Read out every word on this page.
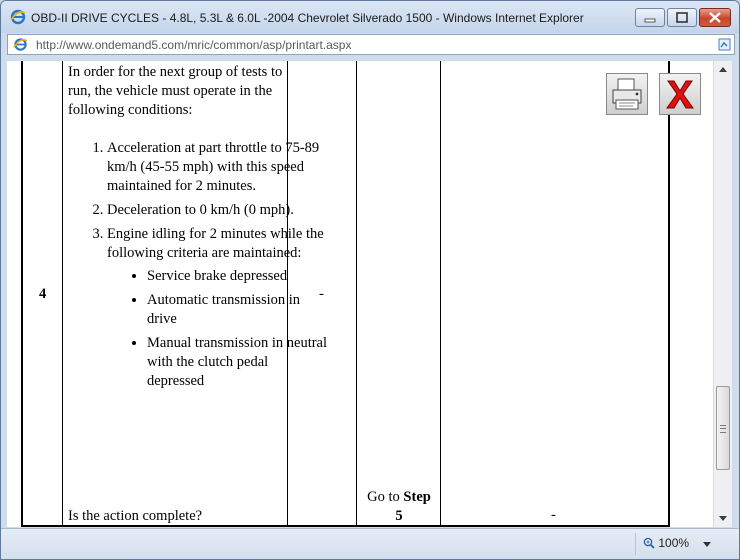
OBD-II DRIVE CYCLES - 4.8L, 5.3L & 6.0L -2004 Chevrolet Silverado 1500 - Windows Internet Explorer
http://www.ondemand5.com/mric/common/asp/printart.aspx
4
In order for the next group of tests to run, the vehicle must operate in the following conditions:
1. Acceleration at part throttle to 75-89 km/h (45-55 mph) with this speed maintained for 2 minutes.
2. Deceleration to 0 km/h (0 mph).
3. Engine idling for 2 minutes while the following criteria are maintained:
• Service brake depressed
• Automatic transmission in drive
• Manual transmission in neutral with the clutch pedal depressed
Is the action complete?
-
Go to Step
5	-
100%
